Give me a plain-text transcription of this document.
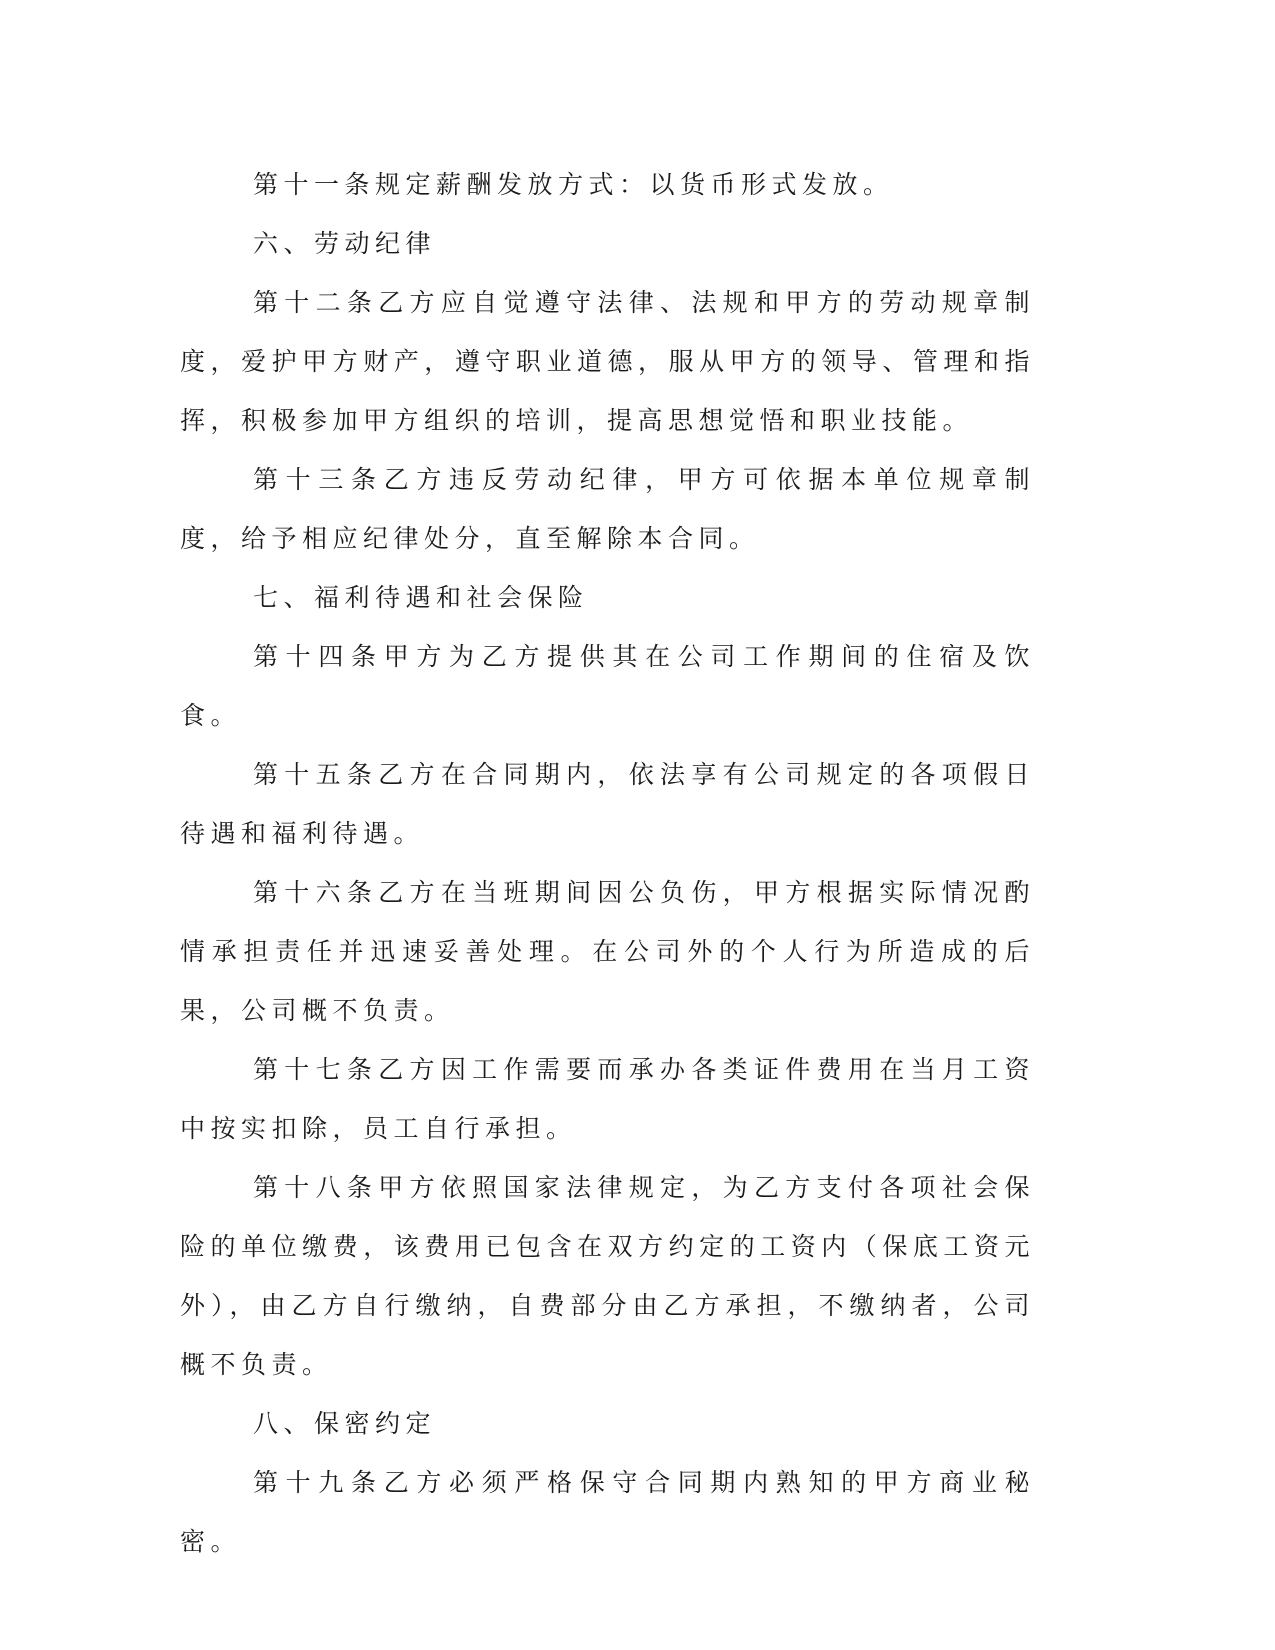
第十一条规定薪酬发放方式：以货币形式发放。

六、劳动纪律

第十二条乙方应自觉遵守法律、法规和甲方的劳动规章制度，爱护甲方财产，遵守职业道德，服从甲方的领导、管理和指挥，积极参加甲方组织的培训，提高思想觉悟和职业技能。

第十三条乙方违反劳动纪律，甲方可依据本单位规章制度，给予相应纪律处分，直至解除本合同。

七、福利待遇和社会保险

第十四条甲方为乙方提供其在公司工作期间的住宿及饮食。

第十五条乙方在合同期内，依法享有公司规定的各项假日待遇和福利待遇。

第十六条乙方在当班期间因公负伤，甲方根据实际情况酌情承担责任并迅速妥善处理。在公司外的个人行为所造成的后果，公司概不负责。

第十七条乙方因工作需要而承办各类证件费用在当月工资中按实扣除，员工自行承担。

第十八条甲方依照国家法律规定，为乙方支付各项社会保险的单位缴费，该费用已包含在双方约定的工资内（保底工资元外），由乙方自行缴纳，自费部分由乙方承担，不缴纳者，公司概不负责。

八、保密约定

第十九条乙方必须严格保守合同期内熟知的甲方商业秘密。
